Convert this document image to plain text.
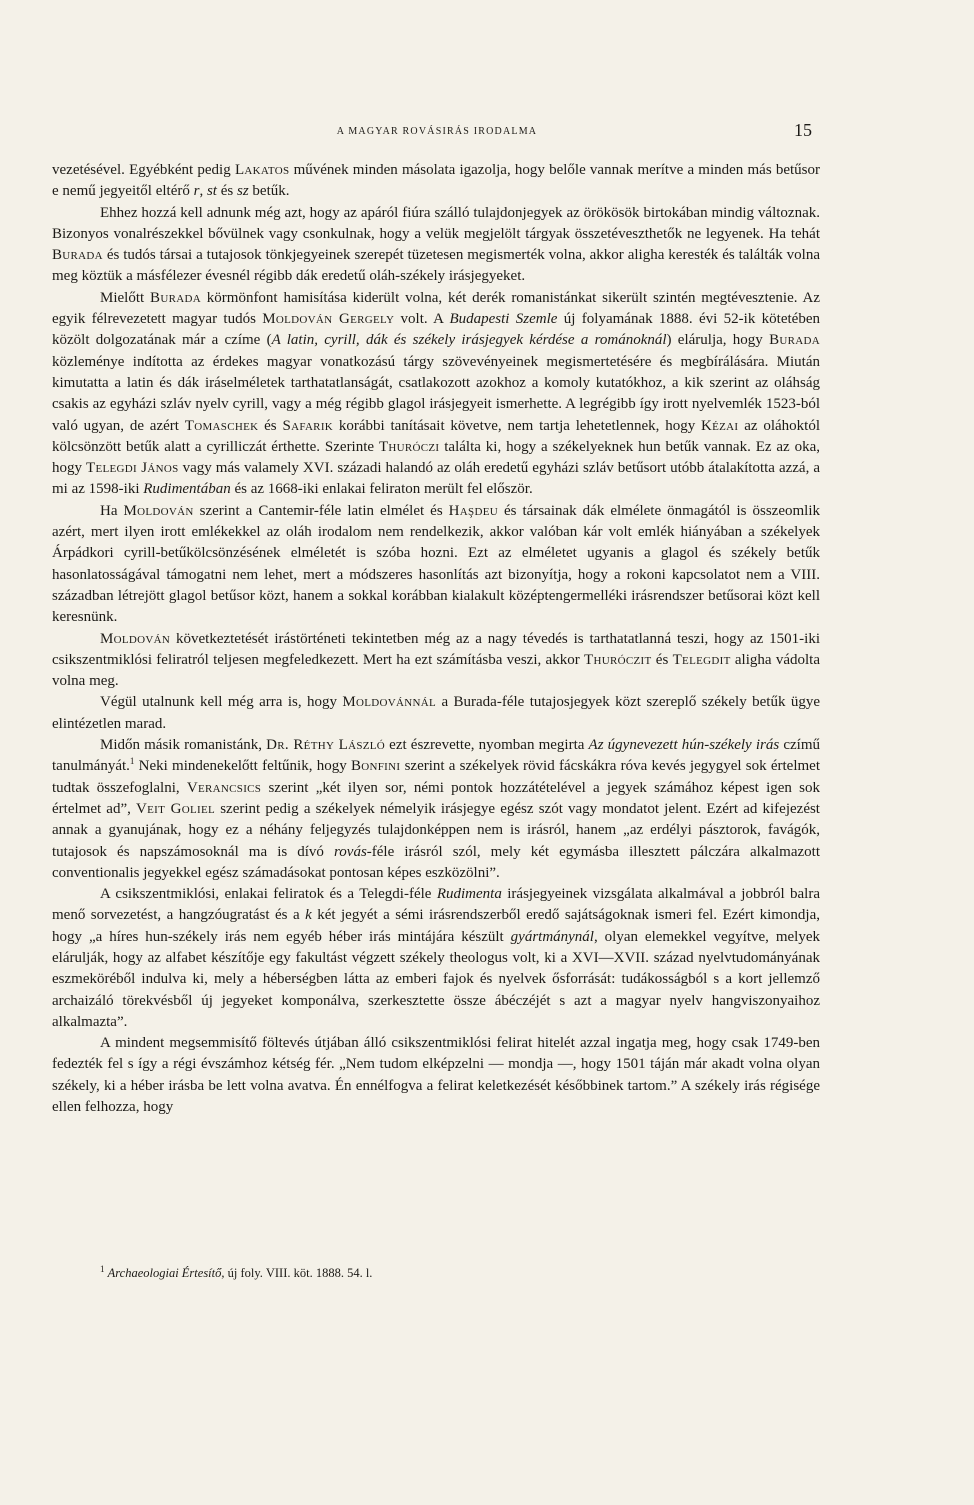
A MAGYAR ROVÁSIRÁS IRODALMA	15

vezetésével. Egyébként pedig Lakatos művének minden másolata igazolja, hogy belőle vannak merítve a minden más betűsor e nemű jegyeitől eltérő r, st és sz betűk.

Ehhez hozzá kell adnunk még azt, hogy az apáról fiúra szálló tulajdonjegyek az örökösök birtokában mindig változnak. Bizonyos vonalrészekkel bővülnek vagy csonkulnak, hogy a velük megjelölt tárgyak összetéveszthetők ne legyenek. Ha tehát Burada és tudós társai a tutajosok tönkjegyeinek szerepét tüzetesen megismerték volna, akkor aligha keresték és találták volna meg köztük a másfélezer évesnél régibb dák eredetű oláh-székely irásjegyeket.

Mielőtt Burada körmönfont hamisítása kiderült volna, két derék romanistánkat sikerült szintén megtévesztenie. Az egyik félrevezetett magyar tudós Moldován Gergely volt. A Budapesti Szemle új folyamának 1888. évi 52-ik kötetében közölt dolgozatának már a czíme (A latin, cyrill, dák és székely irásjegyek kérdése a románoknál) elárulja, hogy Burada közleménye indította az érdekes magyar vonatkozású tárgy szövevényeinek megismertetésére és megbírálására. Miután kimutatta a latin és dák iráselméletek tarthatatlanságát, csatlakozott azokhoz a komoly kutatókhoz, a kik szerint az oláhság csakis az egyházi szláv nyelv cyrill, vagy a még régibb glagol irásjegyeit ismerhette. A legrégibb így irott nyelvemlék 1523-ból való ugyan, de azért Tomaschek és Safarik korábbi tanításait követve, nem tartja lehetetlennek, hogy Kézai az oláhoktól kölcsönzött betűk alatt a cyrilliczát érthette. Szerinte Thuróczi találta ki, hogy a székelyeknek hun betűk vannak. Ez az oka, hogy Telegdi János vagy más valamely XVI. századi halandó az oláh eredetű egyházi szláv betűsort utóbb átalakította azzá, a mi az 1598-iki Rudimentában és az 1668-iki enlakai feliraton merült fel először.

Ha Moldován szerint a Cantemir-féle latin elmélet és Haşdeu és társainak dák elmélete önmagától is összeomlik azért, mert ilyen irott emlékekkel az oláh irodalom nem rendelkezik, akkor valóban kár volt emlék hiányában a székelyek Árpádkori cyrill-betűkölcsönzésének elméletét is szóba hozni. Ezt az elméletet ugyanis a glagol és székely betűk hasonlatosságával támogatni nem lehet, mert a módszeres hasonlítás azt bizonyítja, hogy a rokoni kapcsolatot nem a VIII. században létrejött glagol betűsor közt, hanem a sokkal korábban kialakult középtengermelléki irásrendszer betűsorai közt kell keresnünk.

Moldován következtetését irástörténeti tekintetben még az a nagy tévedés is tarthatatlanná teszi, hogy az 1501-iki csikszentmiklósi feliratról teljesen megfeledkezett. Mert ha ezt számításba veszi, akkor Thuróczit és Telegdit aligha vádolta volna meg.

Végül utalnunk kell még arra is, hogy Moldovánnál a Burada-féle tutajosjegyek közt szereplő székely betűk ügye elintézetlen marad.

Midőn másik romanistánk, Dr. Réthy László ezt észrevette, nyomban megirta Az úgynevezett hún-székely irás czímű tanulmányát.$^1$ Neki mindenekelőtt feltűnik, hogy Bonfini szerint a székelyek rövid fácskákra róva kevés jegygyel sok értelmet tudtak összefoglalni, Verancsics szerint „két ilyen sor, némi pontok hozzátételével a jegyek számához képest igen sok értelmet ad”, Veit Goliel szerint pedig a székelyek némelyik irásjegye egész szót vagy mondatot jelent. Ezért ad kifejezést annak a gyanujának, hogy ez a néhány feljegyzés tulajdonképpen nem is irásról, hanem „az erdélyi pásztorok, favágók, tutajosok és napszámosoknál ma is dívó rovás-féle irásról szól, mely két egymásba illesztett pálczára alkalmazott conventionalis jegyekkel egész számadásokat pontosan képes eszközölni”.

A csikszentmiklósi, enlakai feliratok és a Telegdi-féle Rudimenta irásjegyeinek vizsgálata alkalmával a jobbról balra menő sorvezetést, a hangzóugratást és a k két jegyét a sémi irásrendszerből eredő sajátságoknak ismeri fel. Ezért kimondja, hogy „a híres hun-székely irás nem egyéb héber irás mintájára készült gyártmánynál, olyan elemekkel vegyítve, melyek elárulják, hogy az alfabet készítője egy fakultást végzett székely theologus volt, ki a XVI—XVII. század nyelvtudományának eszmeköréből indulva ki, mely a héberségben látta az emberi fajok és nyelvek ősforrását: tudákosságból s a kort jellemző archaizáló törekvésből új jegyeket komponálva, szerkesztette össze ábéczéjét s azt a magyar nyelv hangviszonyaihoz alkalmazta”.

A mindent megsemmisítő föltevés útjában álló csikszentmiklósi felirat hitelét azzal ingatja meg, hogy csak 1749-ben fedezték fel s így a régi évszámhoz kétség fér. „Nem tudom elképzelni — mondja —, hogy 1501 táján már akadt volna olyan székely, ki a héber irásba be lett volna avatva. Én ennélfogva a felirat keletkezését későbbinek tartom.” A székely irás régisége ellen felhozza, hogy

$^1$ Archaeologiai Értesítő, új foly. VIII. köt. 1888. 54. l.
